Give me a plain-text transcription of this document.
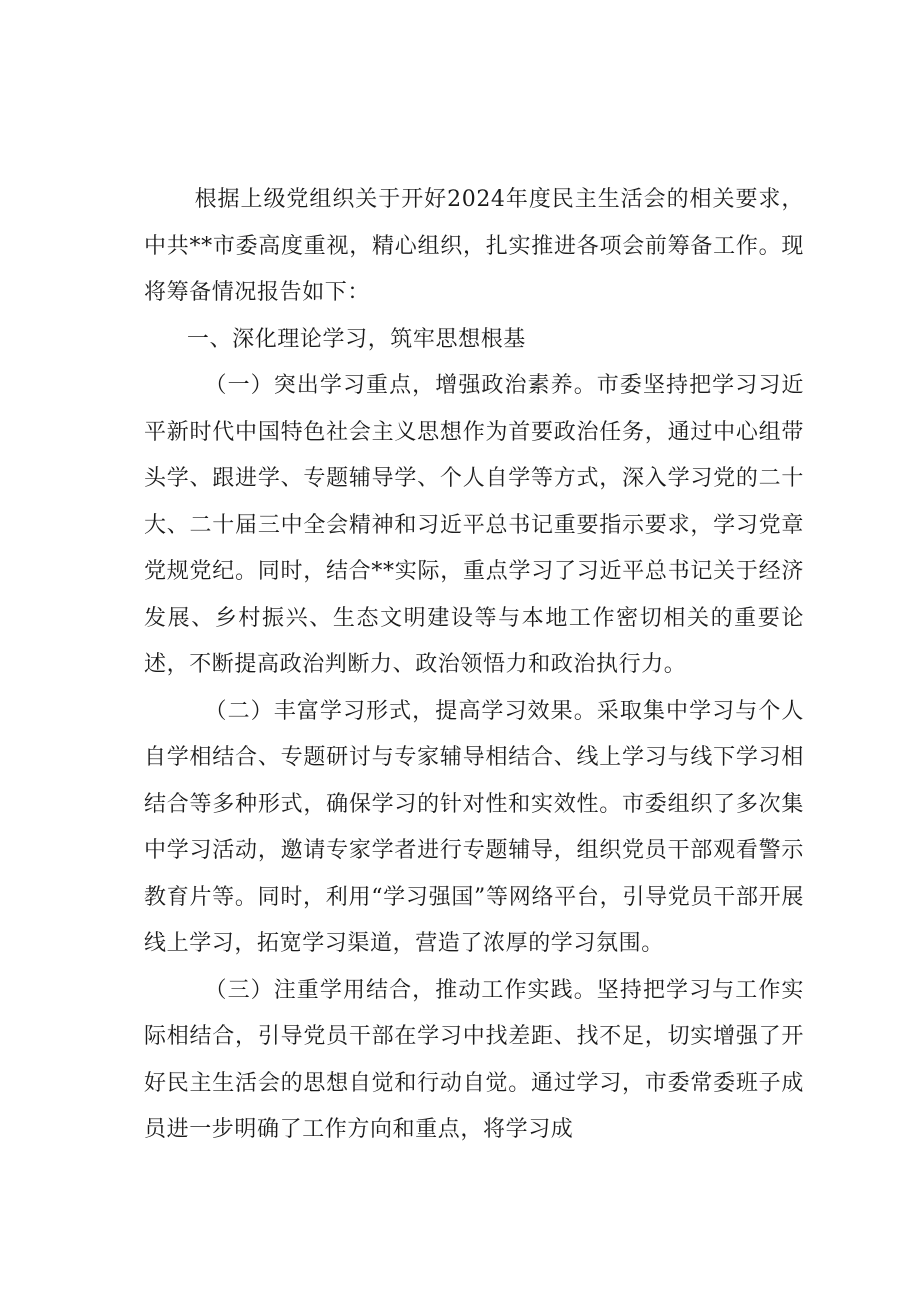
根据上级党组织关于开好2024年度民主生活会的相关要求，中共**市委高度重视，精心组织，扎实推进各项会前筹备工作。现将筹备情况报告如下：

一、深化理论学习，筑牢思想根基

（一）突出学习重点，增强政治素养。市委坚持把学习习近平新时代中国特色社会主义思想作为首要政治任务，通过中心组带头学、跟进学、专题辅导学、个人自学等方式，深入学习党的二十大、二十届三中全会精神和习近平总书记重要指示要求，学习党章党规党纪。同时，结合**实际，重点学习了习近平总书记关于经济发展、乡村振兴、生态文明建设等与本地工作密切相关的重要论述，不断提高政治判断力、政治领悟力和政治执行力。

（二）丰富学习形式，提高学习效果。采取集中学习与个人自学相结合、专题研讨与专家辅导相结合、线上学习与线下学习相结合等多种形式，确保学习的针对性和实效性。市委组织了多次集中学习活动，邀请专家学者进行专题辅导，组织党员干部观看警示教育片等。同时，利用“学习强国”等网络平台，引导党员干部开展线上学习，拓宽学习渠道，营造了浓厚的学习氛围。

（三）注重学用结合，推动工作实践。坚持把学习与工作实际相结合，引导党员干部在学习中找差距、找不足，切实增强了开好民主生活会的思想自觉和行动自觉。通过学习，市委常委班子成员进一步明确了工作方向和重点，将学习成
